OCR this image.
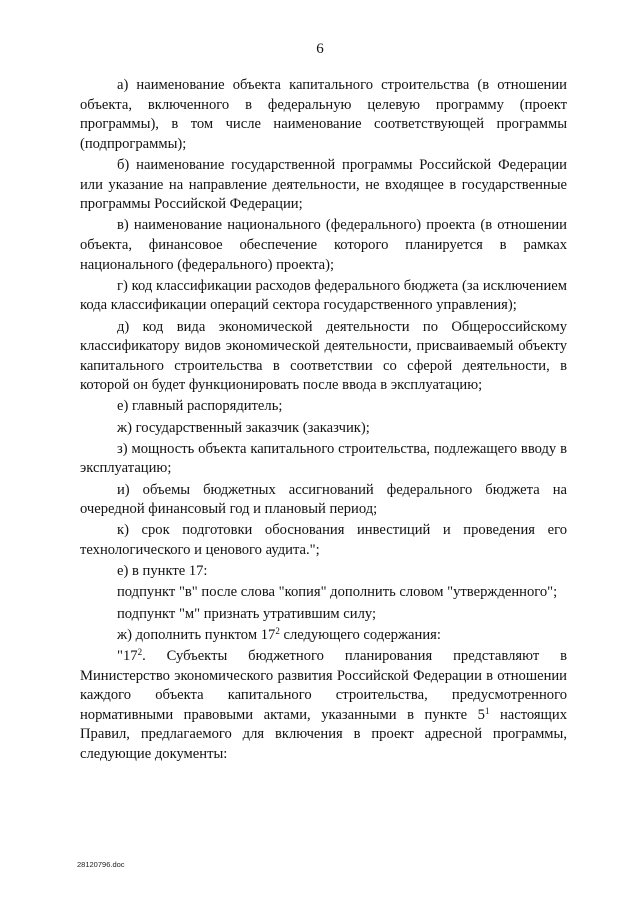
6

а) наименование объекта капитального строительства (в отношении объекта, включенного в федеральную целевую программу (проект программы), в том числе наименование соответствующей программы (подпрограммы);

б) наименование государственной программы Российской Федерации или указание на направление деятельности, не входящее в государственные программы Российской Федерации;

в) наименование национального (федерального) проекта (в отношении объекта, финансовое обеспечение которого планируется в рамках национального (федерального) проекта);

г) код классификации расходов федерального бюджета (за исключением кода классификации операций сектора государственного управления);

д) код вида экономической деятельности по Общероссийскому классификатору видов экономической деятельности, присваиваемый объекту капитального строительства в соответствии со сферой деятельности, в которой он будет функционировать после ввода в эксплуатацию;

е) главный распорядитель;

ж) государственный заказчик (заказчик);

з) мощность объекта капитального строительства, подлежащего вводу в эксплуатацию;

и) объемы бюджетных ассигнований федерального бюджета на очередной финансовый год и плановый период;

к) срок подготовки обоснования инвестиций и проведения его технологического и ценового аудита.";

е) в пункте 17:

подпункт "в" после слова "копия" дополнить словом "утвержденного";

подпункт "м" признать утратившим силу;

ж) дополнить пунктом $17^2$ следующего содержания:

"$17^2$. Субъекты бюджетного планирования представляют в Министерство экономического развития Российской Федерации в отношении каждого объекта капитального строительства, предусмотренного нормативными правовыми актами, указанными в пункте $5^1$ настоящих Правил, предлагаемого для включения в проект адресной программы, следующие документы:

28120796.doc
